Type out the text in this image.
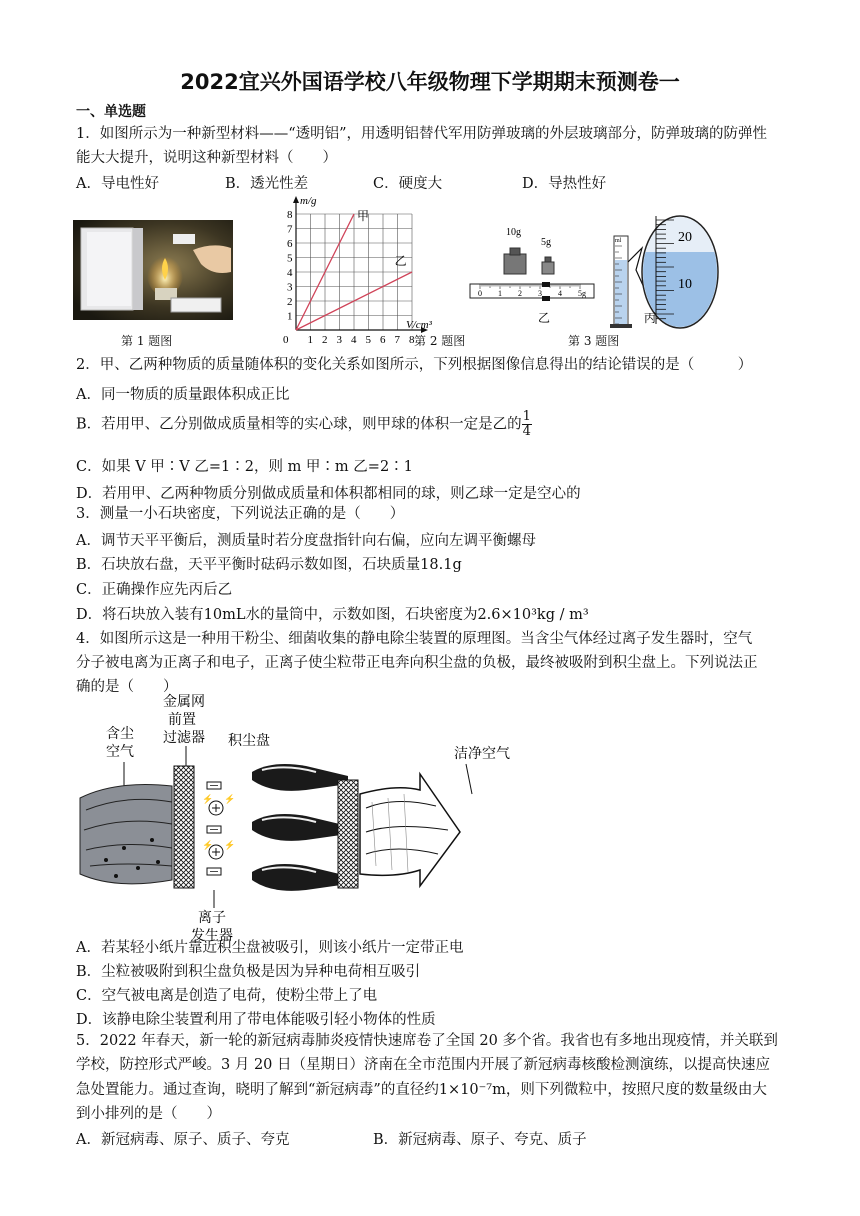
2022宜兴外国语学校八年级物理下学期期末预测卷一
一、单选题
1．如图所示为一种新型材料——“透明铝”，用透明铝替代军用防弹玻璃的外层玻璃部分，防弹玻璃的防弹性
能大大提升，说明这种新型材料（　　）
A．导电性好	B．透光性差	C．硬度大	D．导热性好
第 1 题图
1
2
3
4
5
6
7
8
1 2 3 4 5 6 7 8
0
m/g
V/cm³
甲
乙
第 2 题图
10g
5g
0 1 2 3 4 5g
乙
ml	20
10
丙
第 3 题图
2．甲、乙两种物质的质量随体积的变化关系如图所示，下列根据图像信息得出的结论错误的是（　　　）
A．同一物质的质量跟体积成正比
B．若用甲、乙分别做成质量相等的实心球，则甲球的体积一定是乙的 $\frac{1}{4}$
C．如果 V 甲∶V 乙=1∶2，则 m 甲∶m 乙=2∶1
D．若用甲、乙两种物质分别做成质量和体积都相同的球，则乙球一定是空心的
3．测量一小石块密度，下列说法正确的是（　　）
A．调节天平平衡后，测质量时若分度盘指针向右偏，应向左调平衡螺母
B．石块放右盘，天平平衡时砝码示数如图，石块质量18.1g
C．正确操作应先丙后乙
D．将石块放入装有10mL水的量筒中，示数如图，石块密度为2.6×10³kg / m³
4．如图所示这是一种用干粉尘、细菌收集的静电除尘装置的原理图。当含尘气体经过离子发生器时，空气
分子被电离为正离子和电子，正离子使尘粒带正电奔向积尘盘的负极，最终被吸附到积尘盘上。下列说法正
确的是（　　）
含尘
空气
金属网
前置
过滤器 积尘盘
洁净空气
离子
发生器
⚡ ⚡
⚡ ⚡
A．若某轻小纸片靠近积尘盘被吸引，则该小纸片一定带正电
B．尘粒被吸附到积尘盘负极是因为异种电荷相互吸引
C．空气被电离是创造了电荷，使粉尘带上了电
D．该静电除尘装置利用了带电体能吸引轻小物体的性质
5．2022 年春天，新一轮的新冠病毒肺炎疫情快速席卷了全国 20 多个省。我省也有多地出现疫情，并关联到
学校，防控形式严峻。3 月 20 日（星期日）济南在全市范围内开展了新冠病毒核酸检测演练，以提高快速应
急处置能力。通过查询，晓明了解到“新冠病毒”的直径约1×10⁻⁷m，则下列微粒中，按照尺度的数量级由大
到小排列的是（　　）
A．新冠病毒、原子、质子、夸克	B．新冠病毒、原子、夸克、质子
